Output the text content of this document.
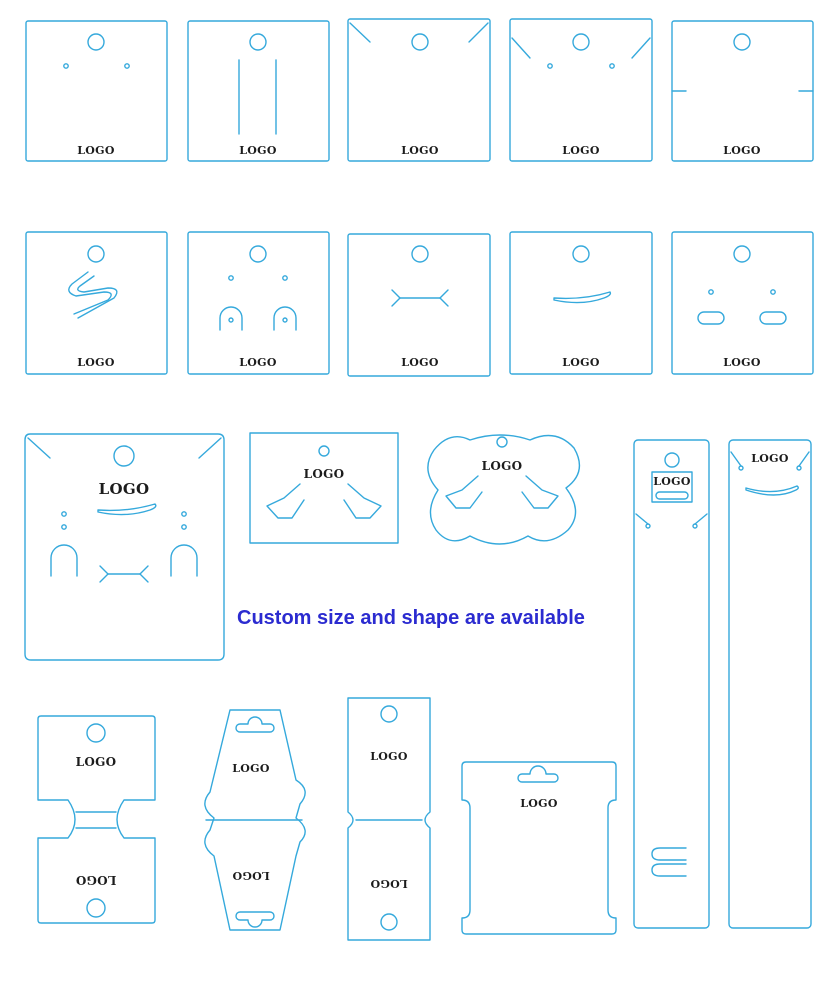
LOGO	LOGO	LOGO	LOGO	LOGO
LOGO	LOGO	LOGO	LOGO	LOGO
LOGO
LOGO
LOGO
Custom size and shape are available
LOGO
LOGO
LOGO
LOGO
LOGO
LOGO
LOGO
LOGO
LOGO
